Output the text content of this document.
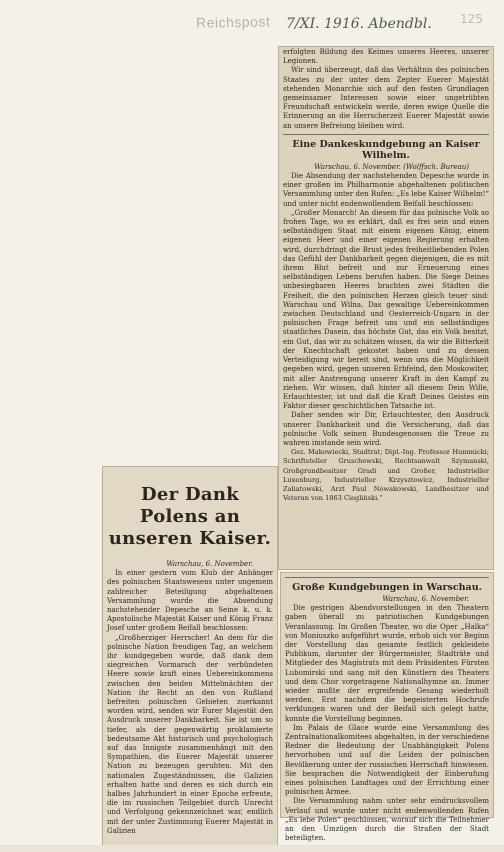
Reichspost 7/XI. 1916. Abendbl. 125

erfolgten Bildung des Keimes unseres Heeres, unserer Legionen.

Wir sind überzeugt, daß das Verhältnis des polnischen Staates zu der unter dem Zepter Euerer Majestät stehenden Monarchie sich auf den festen Grundlagen gemeinsamer Interessen sowie einer ungetrübten Freundschaft entwickeln werde, deren ewige Quelle die Erinnerung an die Herrscherzeit Euerer Majestät sowie an unsere Befreiung bleiben wird.

Eine Dankeskundgebung an Kaiser Wilhelm.

Warschau, 6. November. (Wolffsch. Bureau)

Die Absendung der nachstehenden Depesche wurde in einer großen im Philharmonie abgehaltenen politischen Versammlung unter den Rufen: „Es lebe Kaiser Wilhelm!“ und unter nicht endenwollendem Beifall beschlossen:

„Großer Monarch! An diesem für das polnische Volk so frohen Tage, wo es erklärt, daß es frei sein und einen selbständigen Staat mit einem eigenen König, einem eigenen Heer und einer eigenen Regierung erhalten wird, durchdringt die Brust jedes freiheitliebenden Polen das Gefühl der Dankbarkeit gegen diejenigen, die es mit ihrem Blut befreit und zur Erneuerung eines selbständigen Lebens berufen haben. Die Siege Deines unbesiegbaren Heeres brachten zwei Städten die Freiheit, die den polnischen Herzen gleich teuer sind: Warschau und Wilna. Das gewaltige Uebereinkommen zwischen Deutschland und Oesterreich-Ungarn in der polnischen Frage befreit uns und ein selbständiges staatliches Dasein, das höchste Gut, das ein Volk besitzt, ein Gut, das wir zu schätzen wissen, da wir die Bitterkeit der Knechtschaft gekostet haben und zu dessen Verteidigung wir bereit sind, wenn uns die Möglichkeit gegeben wird, gegen unseren Erbfeind, den Moskowiter, mit aller Anstrengung unserer Kraft in den Kampf zu ziehen. Wir wissen, daß hinter all diesem Dein Wille, Erlauchtester, ist und daß die Kraft Deines Geistes ein Faktor dieser geschichtlichen Tatsache ist.

Daher senden wir Dir, Erlauchtester, den Ausdruck unserer Dankbarkeit und die Versicherung, daß das polnische Volk seinen Bundesgenossen die Treue zu wahren imstande sein wird.

Gez. Makowiecki, Stadtrat; Dipl.-Ing. Professor Hummicki; Schriftsteller Gruschewski, Rechtsanwalt Szymanski, Großgrundbesitzer Gradi und Großer, Industrieller Luxenburg, Industrieller Krzysztowicz, Industrieller Zaliatowski, Arzt Paul Nowakowski, Landbesitzer und Veteran von 1863 Ciegliński.“

Der Dank Polens an unseren Kaiser.

Warschau, 6. November.

In einer gestern vom Klub der Anhänger des polnischen Staatswesens unter ungemein zahlreicher Beteiligung abgehaltenen Versammlung wurde die Absendung nachstehender Depesche an Seine k. u. k. Apostolische Majestät Kaiser und König Franz Josef unter großem Beifall beschlossen:

„Großherziger Herrscher! An dem für die polnische Nation freudigen Tag, an welchem ihr kundgegeben wurde, daß dank dem siegreichen Vormarsch der verbündeten Heere sowie kraft eines Uebereinkommens zwischen den beiden Mittelmächten der Nation ihr Recht an den von Rußland befreiten polnischen Gebieten zuerkannt worden wird, senden wir Eurer Majestät den Ausdruck unserer Dankbarkeit. Sie ist um so tiefer, als der gegenwärtig proklamierte bedeutsame Akt historisch und psychologisch auf das Innigste zusammenhängt mit den Sympathien, die Euerer Majestät unserer Nation zu bezeugen geruhten. Mit den nationalen Zugeständnissen, die Galizien erhalten hatte und deren es sich durch ein halbes Jahrhundert in einer Epoche erfreute, die im russischen Teilgebiet durch Unrecht und Verfolgung gekennzeichnet war, endlich mit der unter Zustimmung Euerer Majestät in Galizien

Große Kundgebungen in Warschau.

Warschau, 6. November.

Die gestrigen Abendvorstellungen in den Theatern gaben überall zu patriotischen Kundgebungen Veranlassung. Im Großen Theater, wo die Oper „Halka“ von Moniuszko aufgeführt wurde, erhob sich vor Beginn der Vorstellung das gesamte festlich gekleidete Publikum, darunter der Bürgermeister, Stadträte und Mitglieder des Magistrats mit dem Präsidenten Fürsten Lubomirski und sang mit den Künstlern des Theaters und dem Chor vorgetragene Nationalhymne an. Immer wieder mußte der ergreifende Gesang wiederholt werden. Erst nachdem die begeisterten Hochrufe verklungen waren und der Beifall sich gelegt hatte, konnte die Vorstellung beginnen.

Im Palais de Glace wurde eine Versammlung des Zentralnationalkomitees abgehalten, in der verschiedene Redner die Bedeutung der Unabhängigkeit Polens hervorhoben und auf die Leiden der polnischen Bevölkerung unter der russischen Herrschaft hinwiesen. Sie besprachen die Notwendigkeit der Einberufung eines polnischen Landtages und der Errichtung einer polnischen Armee.

Die Versammlung nahm unter sehr eindrucksvollem Verlauf und wurde unter nicht endenwollenden Rufen „Es lebe Polen“ geschlossen, worauf sich die Teilnehmer an den Umzügen durch die Straßen der Stadt beteiligten.
